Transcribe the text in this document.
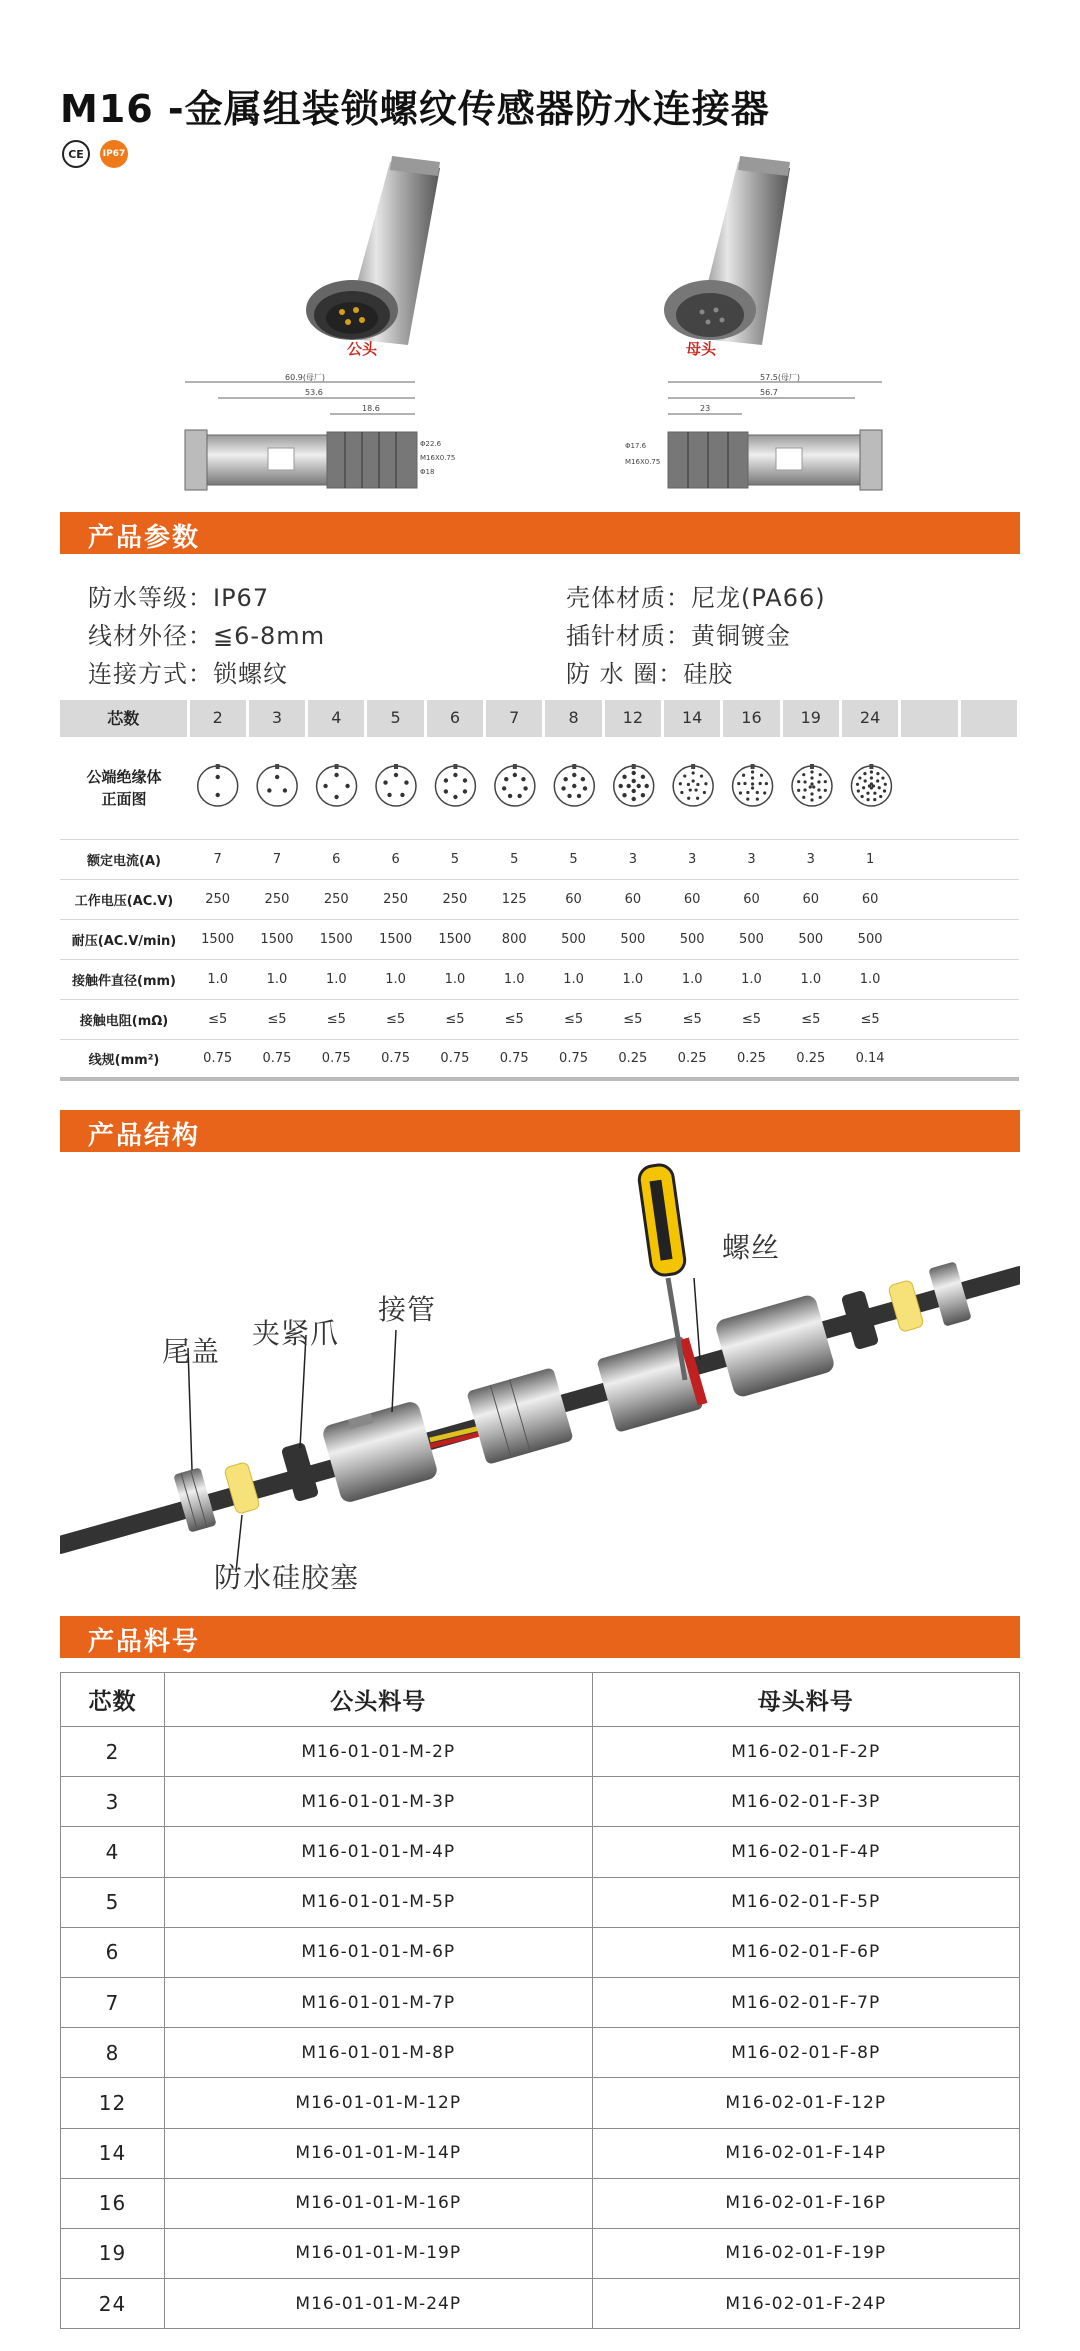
M16 -金属组装锁螺纹传感器防水连接器
CE	IP67
公头	母头
60.9(母厂)
53.6
18.6
Φ22.6
M16X0.75
Φ18
57.5(母厂)
56.7
23
Φ17.6
M16X0.75
产品参数
防水等级：IP67
线材外径：≦6-8mm
连接方式：锁螺纹
壳体材质：尼龙(PA66)
插针材质：黄铜镀金
防 水 圈：硅胶
芯数	2	3	4	5	6	7	8	12	14	16	19	24		

公端绝缘体
正面图

额定电流(A)	7	7	6	6	5	5	5	3	3	3	3	1		
工作电压(AC.V)	250	250	250	250	250	125	60	60	60	60	60	60		
耐压(AC.V/min)	1500	1500	1500	1500	1500	800	500	500	500	500	500	500		
接触件直径(mm)	1.0	1.0	1.0	1.0	1.0	1.0	1.0	1.0	1.0	1.0	1.0	1.0		
接触电阻(mΩ)	≤5	≤5	≤5	≤5	≤5	≤5	≤5	≤5	≤5	≤5	≤5	≤5		
线规(mm²)	0.75	0.75	0.75	0.75	0.75	0.75	0.75	0.25	0.25	0.25	0.25	0.14		
产品结构
螺丝
夹紧爪
接管
尾盖
防水硅胶塞
产品料号
芯数	公头料号	母头料号
2	M16-01-01-M-2P	M16-02-01-F-2P
3	M16-01-01-M-3P	M16-02-01-F-3P
4	M16-01-01-M-4P	M16-02-01-F-4P
5	M16-01-01-M-5P	M16-02-01-F-5P
6	M16-01-01-M-6P	M16-02-01-F-6P
7	M16-01-01-M-7P	M16-02-01-F-7P
8	M16-01-01-M-8P	M16-02-01-F-8P
12	M16-01-01-M-12P	M16-02-01-F-12P
14	M16-01-01-M-14P	M16-02-01-F-14P
16	M16-01-01-M-16P	M16-02-01-F-16P
19	M16-01-01-M-19P	M16-02-01-F-19P
24	M16-01-01-M-24P	M16-02-01-F-24P
